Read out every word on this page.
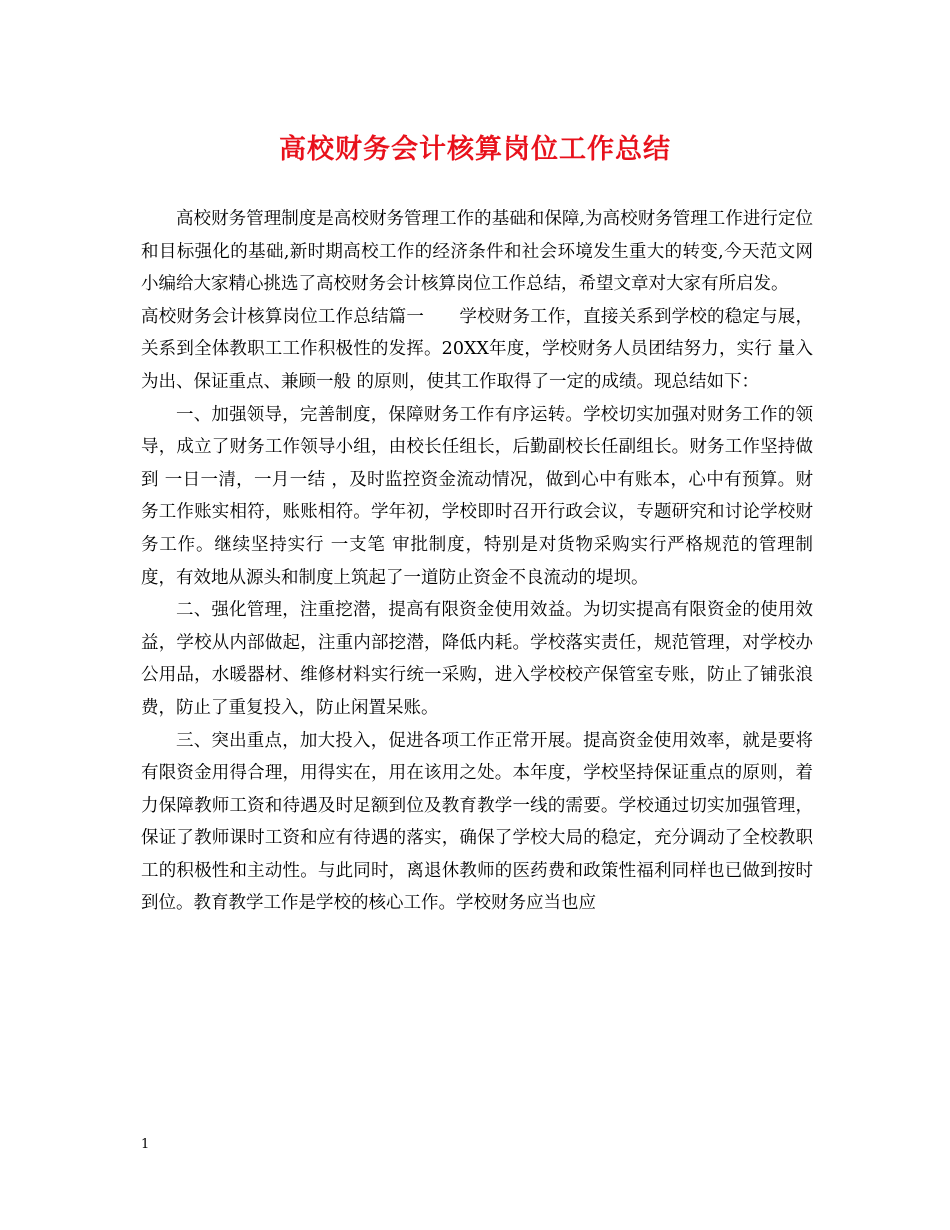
高校财务会计核算岗位工作总结

高校财务管理制度是高校财务管理工作的基础和保障,为高校财务管理工作进行定位和目标强化的基础,新时期高校工作的经济条件和社会环境发生重大的转变,今天范文网小编给大家精心挑选了高校财务会计核算岗位工作总结，希望文章对大家有所启发。

高校财务会计核算岗位工作总结篇一　　学校财务工作，直接关系到学校的稳定与展，关系到全体教职工工作积极性的发挥。20XX年度，学校财务人员团结努力，实行 量入为出、保证重点、兼顾一般 的原则，使其工作取得了一定的成绩。现总结如下：

一、加强领导，完善制度，保障财务工作有序运转。学校切实加强对财务工作的领导，成立了财务工作领导小组，由校长任组长，后勤副校长任副组长。财务工作坚持做到 一日一清，一月一结 ，及时监控资金流动情况，做到心中有账本，心中有预算。财务工作账实相符，账账相符。学年初，学校即时召开行政会议，专题研究和讨论学校财务工作。继续坚持实行 一支笔 审批制度，特别是对货物采购实行严格规范的管理制度，有效地从源头和制度上筑起了一道防止资金不良流动的堤坝。

二、强化管理，注重挖潜，提高有限资金使用效益。为切实提高有限资金的使用效益，学校从内部做起，注重内部挖潜，降低内耗。学校落实责任，规范管理，对学校办公用品，水暖器材、维修材料实行统一采购，进入学校校产保管室专账，防止了铺张浪费，防止了重复投入，防止闲置呆账。

三、突出重点，加大投入，促进各项工作正常开展。提高资金使用效率，就是要将有限资金用得合理，用得实在，用在该用之处。本年度，学校坚持保证重点的原则，着力保障教师工资和待遇及时足额到位及教育教学一线的需要。学校通过切实加强管理，保证了教师课时工资和应有待遇的落实，确保了学校大局的稳定，充分调动了全校教职工的积极性和主动性。与此同时，离退休教师的医药费和政策性福利同样也已做到按时到位。教育教学工作是学校的核心工作。学校财务应当也应

1
